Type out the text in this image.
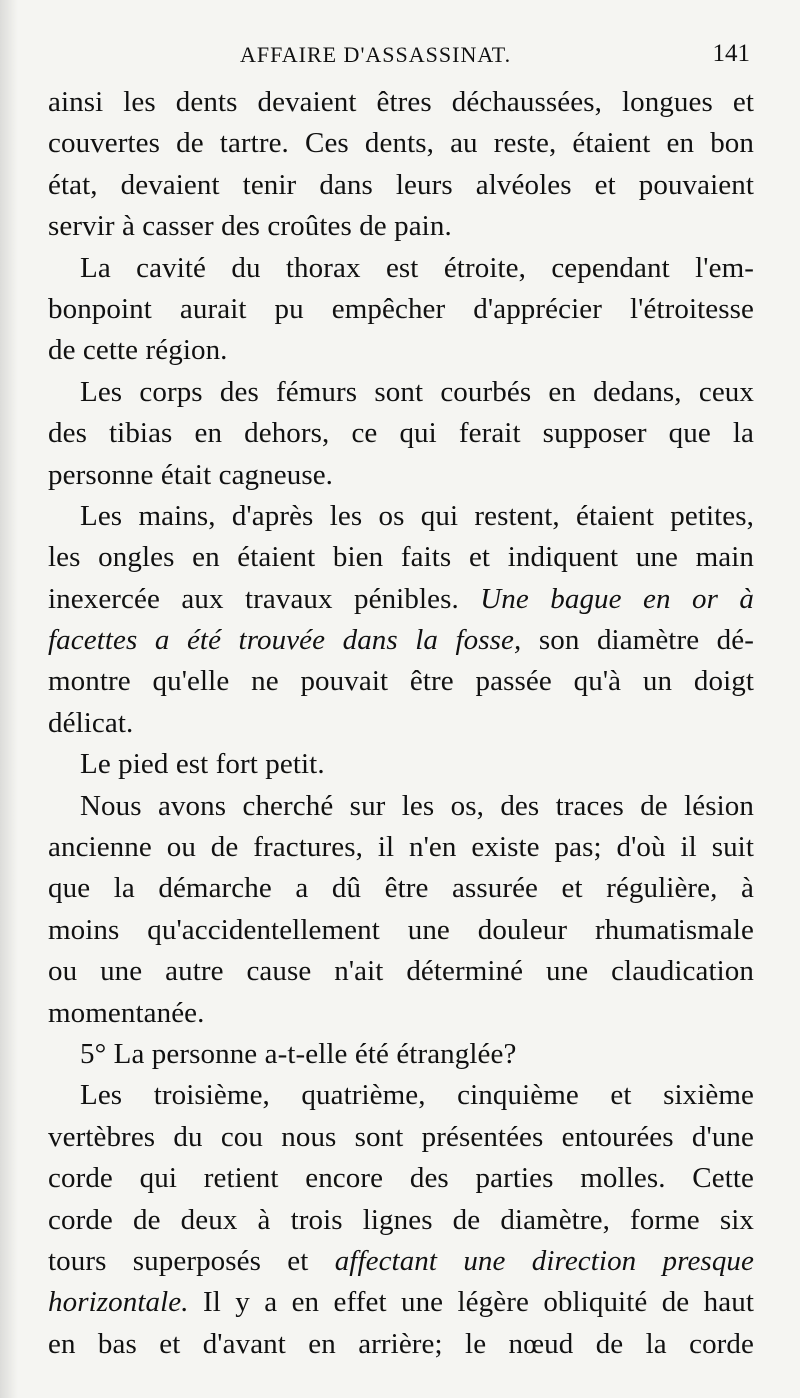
AFFAIRE D'ASSASSINAT.	141
ainsi les dents devaient êtres déchaussées, longues et
couvertes de tartre. Ces dents, au reste, étaient en bon
état, devaient tenir dans leurs alvéoles et pouvaient
servir à casser des croûtes de pain.
La cavité du thorax est étroite, cependant l'em-
bonpoint aurait pu empêcher d'apprécier l'étroitesse
de cette région.
Les corps des fémurs sont courbés en dedans, ceux
des tibias en dehors, ce qui ferait supposer que la
personne était cagneuse.
Les mains, d'après les os qui restent, étaient petites,
les ongles en étaient bien faits et indiquent une main
inexercée aux travaux pénibles. Une bague en or à
facettes a été trouvée dans la fosse, son diamètre dé-
montre qu'elle ne pouvait être passée qu'à un doigt
délicat.
Le pied est fort petit.
Nous avons cherché sur les os, des traces de lésion
ancienne ou de fractures, il n'en existe pas; d'où il suit
que la démarche a dû être assurée et régulière, à
moins qu'accidentellement une douleur rhumatismale
ou une autre cause n'ait déterminé une claudication
momentanée.
5° La personne a-t-elle été étranglée?
Les troisième, quatrième, cinquième et sixième
vertèbres du cou nous sont présentées entourées d'une
corde qui retient encore des parties molles. Cette
corde de deux à trois lignes de diamètre, forme six
tours superposés et affectant une direction presque
horizontale. Il y a en effet une légère obliquité de haut
en bas et d'avant en arrière; le nœud de la corde
